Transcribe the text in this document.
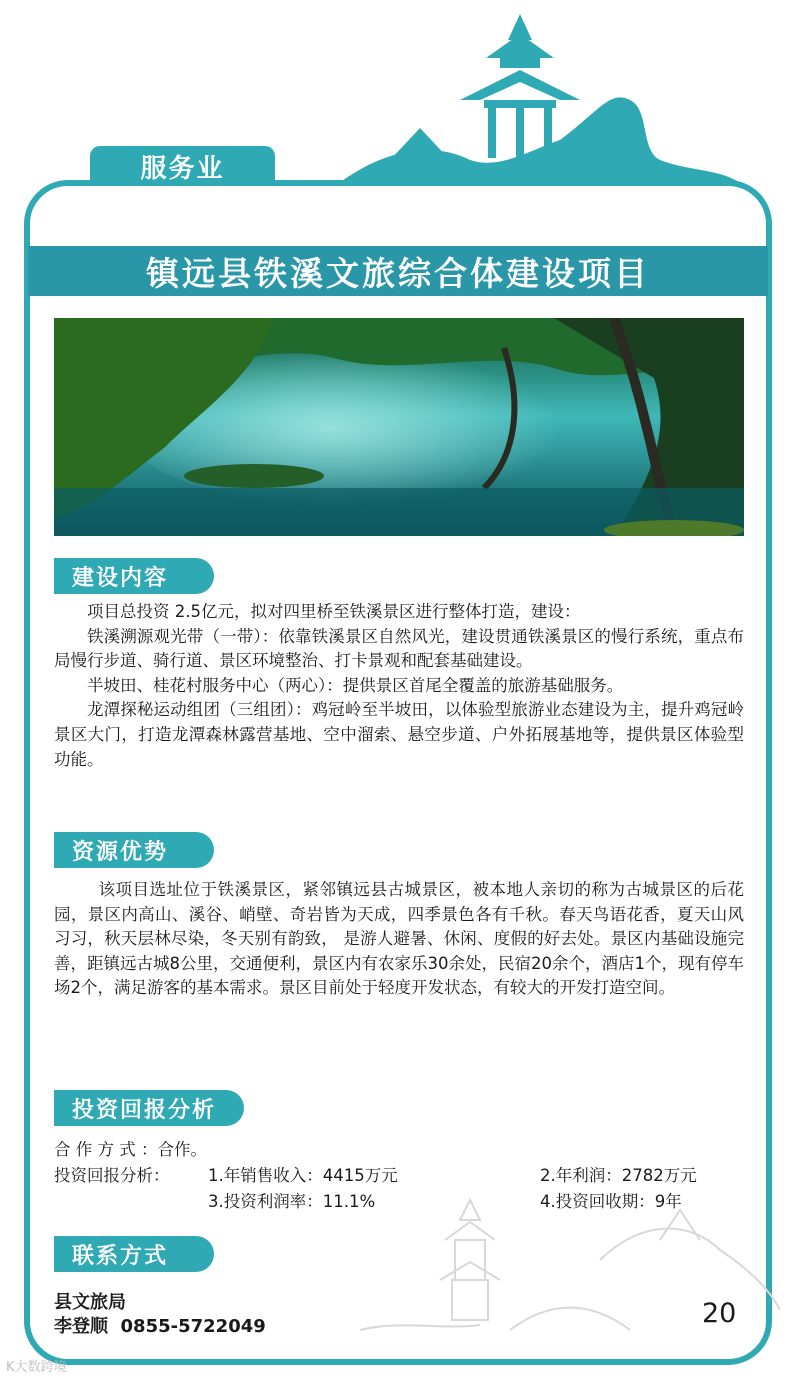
服务业
镇远县铁溪文旅综合体建设项目
建设内容

项目总投资 2.5亿元，拟对四里桥至铁溪景区进行整体打造，建设：

铁溪溯源观光带（一带）：依靠铁溪景区自然风光，建设贯通铁溪景区的慢行系统，重点布局慢行步道、骑行道、景区环境整治、打卡景观和配套基础建设。

半坡田、桂花村服务中心（两心）：提供景区首尾全覆盖的旅游基础服务。

龙潭探秘运动组团（三组团）：鸡冠岭至半坡田，以体验型旅游业态建设为主，提升鸡冠岭景区大门，打造龙潭森林露营基地、空中溜索、悬空步道、户外拓展基地等，提供景区体验型功能。

资源优势

该项目选址位于铁溪景区，紧邻镇远县古城景区，被本地人亲切的称为古城景区的后花园，景区内高山、溪谷、峭壁、奇岩皆为天成，四季景色各有千秋。春天鸟语花香，夏天山风习习，秋天层林尽染，冬天别有韵致， 是游人避暑、休闲、度假的好去处。景区内基础设施完善，距镇远古城8公里，交通便利，景区内有农家乐30余处，民宿20余个，酒店1个，现有停车场2个，满足游客的基本需求。景区目前处于轻度开发状态，有较大的开发打造空间。

投资回报分析
合 作 方 式 ：合作。
投资回报分析： 1.年销售收入：4415万元	2.年利润：2782万元
3.投资利润率：11.1%	4.投资回收期：9年
联系方式
县文旅局
李登顺  0855-5722049	20
K大数跨境
